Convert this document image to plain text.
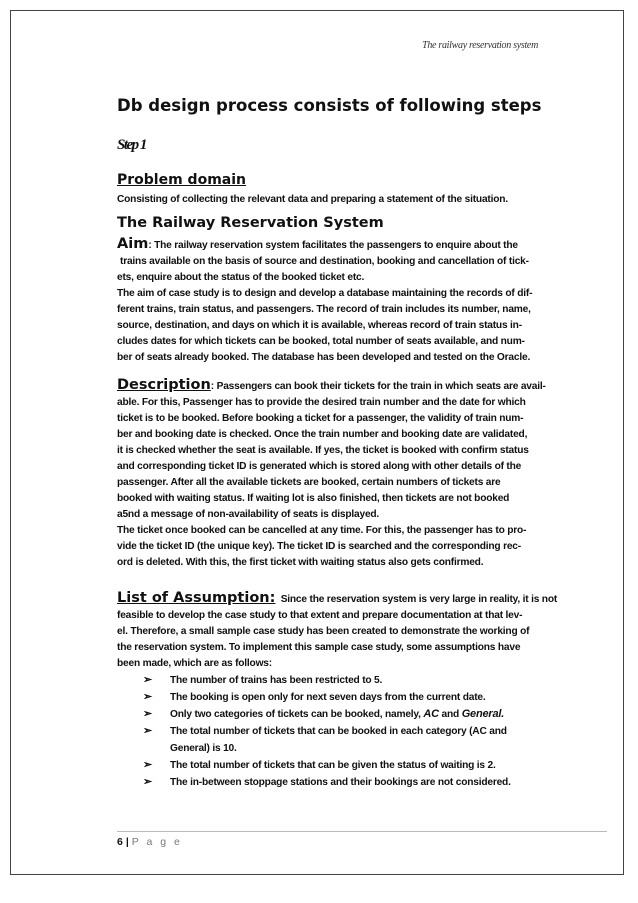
The railway reservation system
Db design process consists of following steps
Step 1
Problem domain
Consisting of collecting the relevant data and preparing a statement of the situation.
The Railway Reservation System
Aim: The railway reservation system facilitates the passengers to enquire about the
trains available on the basis of source and destination, booking and cancellation of tick-
ets, enquire about the status of the booked ticket etc.
The aim of case study is to design and develop a database maintaining the records of dif-
ferent trains, train status, and passengers. The record of train includes its number, name,
source, destination, and days on which it is available, whereas record of train status in-
cludes dates for which tickets can be booked, total number of seats available, and num-
ber of seats already booked. The database has been developed and tested on the Oracle.
Description: Passengers can book their tickets for the train in which seats are avail-
able. For this, Passenger has to provide the desired train number and the date for which
ticket is to be booked. Before booking a ticket for a passenger, the validity of train num-
ber and booking date is checked. Once the train number and booking date are validated,
it is checked whether the seat is available. If yes, the ticket is booked with confirm status
and corresponding ticket ID is generated which is stored along with other details of the
passenger. After all the available tickets are booked, certain numbers of tickets are
booked with waiting status. If waiting lot is also finished, then tickets are not booked
a5nd a message of non-availability of seats is displayed.
The ticket once booked can be cancelled at any time. For this, the passenger has to pro-
vide the ticket ID (the unique key). The ticket ID is searched and the corresponding rec-
ord is deleted. With this, the first ticket with waiting status also gets confirmed.
List of Assumption: Since the reservation system is very large in reality, it is not
feasible to develop the case study to that extent and prepare documentation at that lev-
el. Therefore, a small sample case study has been created to demonstrate the working of
the reservation system. To implement this sample case study, some assumptions have
been made, which are as follows:
➢ The number of trains has been restricted to 5.
➢ The booking is open only for next seven days from the current date.
➢ Only two categories of tickets can be booked, namely, AC and General.
➢ The total number of tickets that can be booked in each category (AC and
General) is 10.
➢ The total number of tickets that can be given the status of waiting is 2.
➢ The in-between stoppage stations and their bookings are not considered.
6 | P a g e
